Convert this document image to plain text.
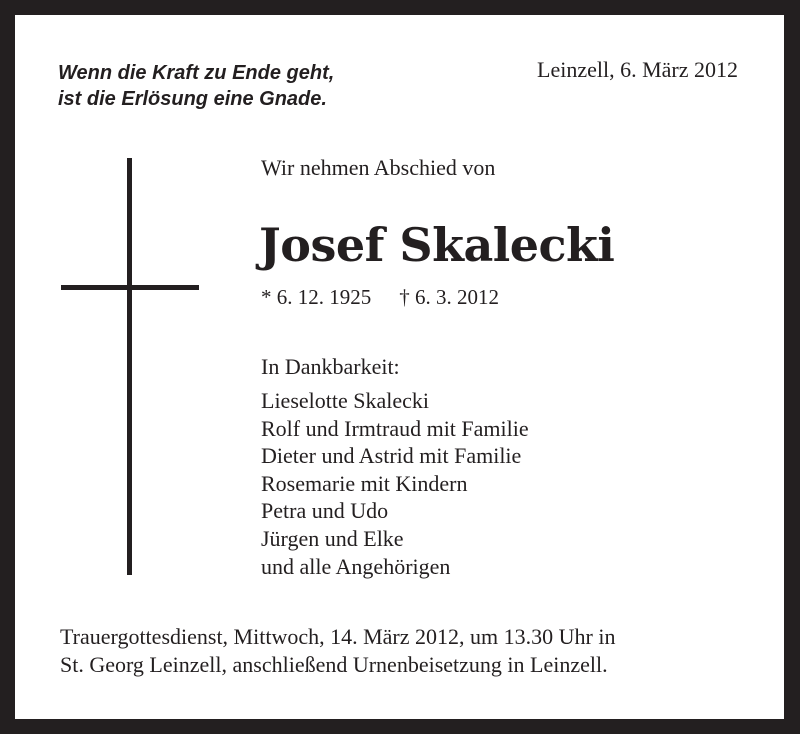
Wenn die Kraft zu Ende geht,
ist die Erlösung eine Gnade.
Leinzell, 6. März 2012
Wir nehmen Abschied von
Josef Skalecki
* 6. 12. 1925 † 6. 3. 2012
In Dankbarkeit:
Lieselotte Skalecki
Rolf und Irmtraud mit Familie
Dieter und Astrid mit Familie
Rosemarie mit Kindern
Petra und Udo
Jürgen und Elke
und alle Angehörigen
Trauergottesdienst, Mittwoch, 14. März 2012, um 13.30 Uhr in
St. Georg Leinzell, anschließend Urnenbeisetzung in Leinzell.
